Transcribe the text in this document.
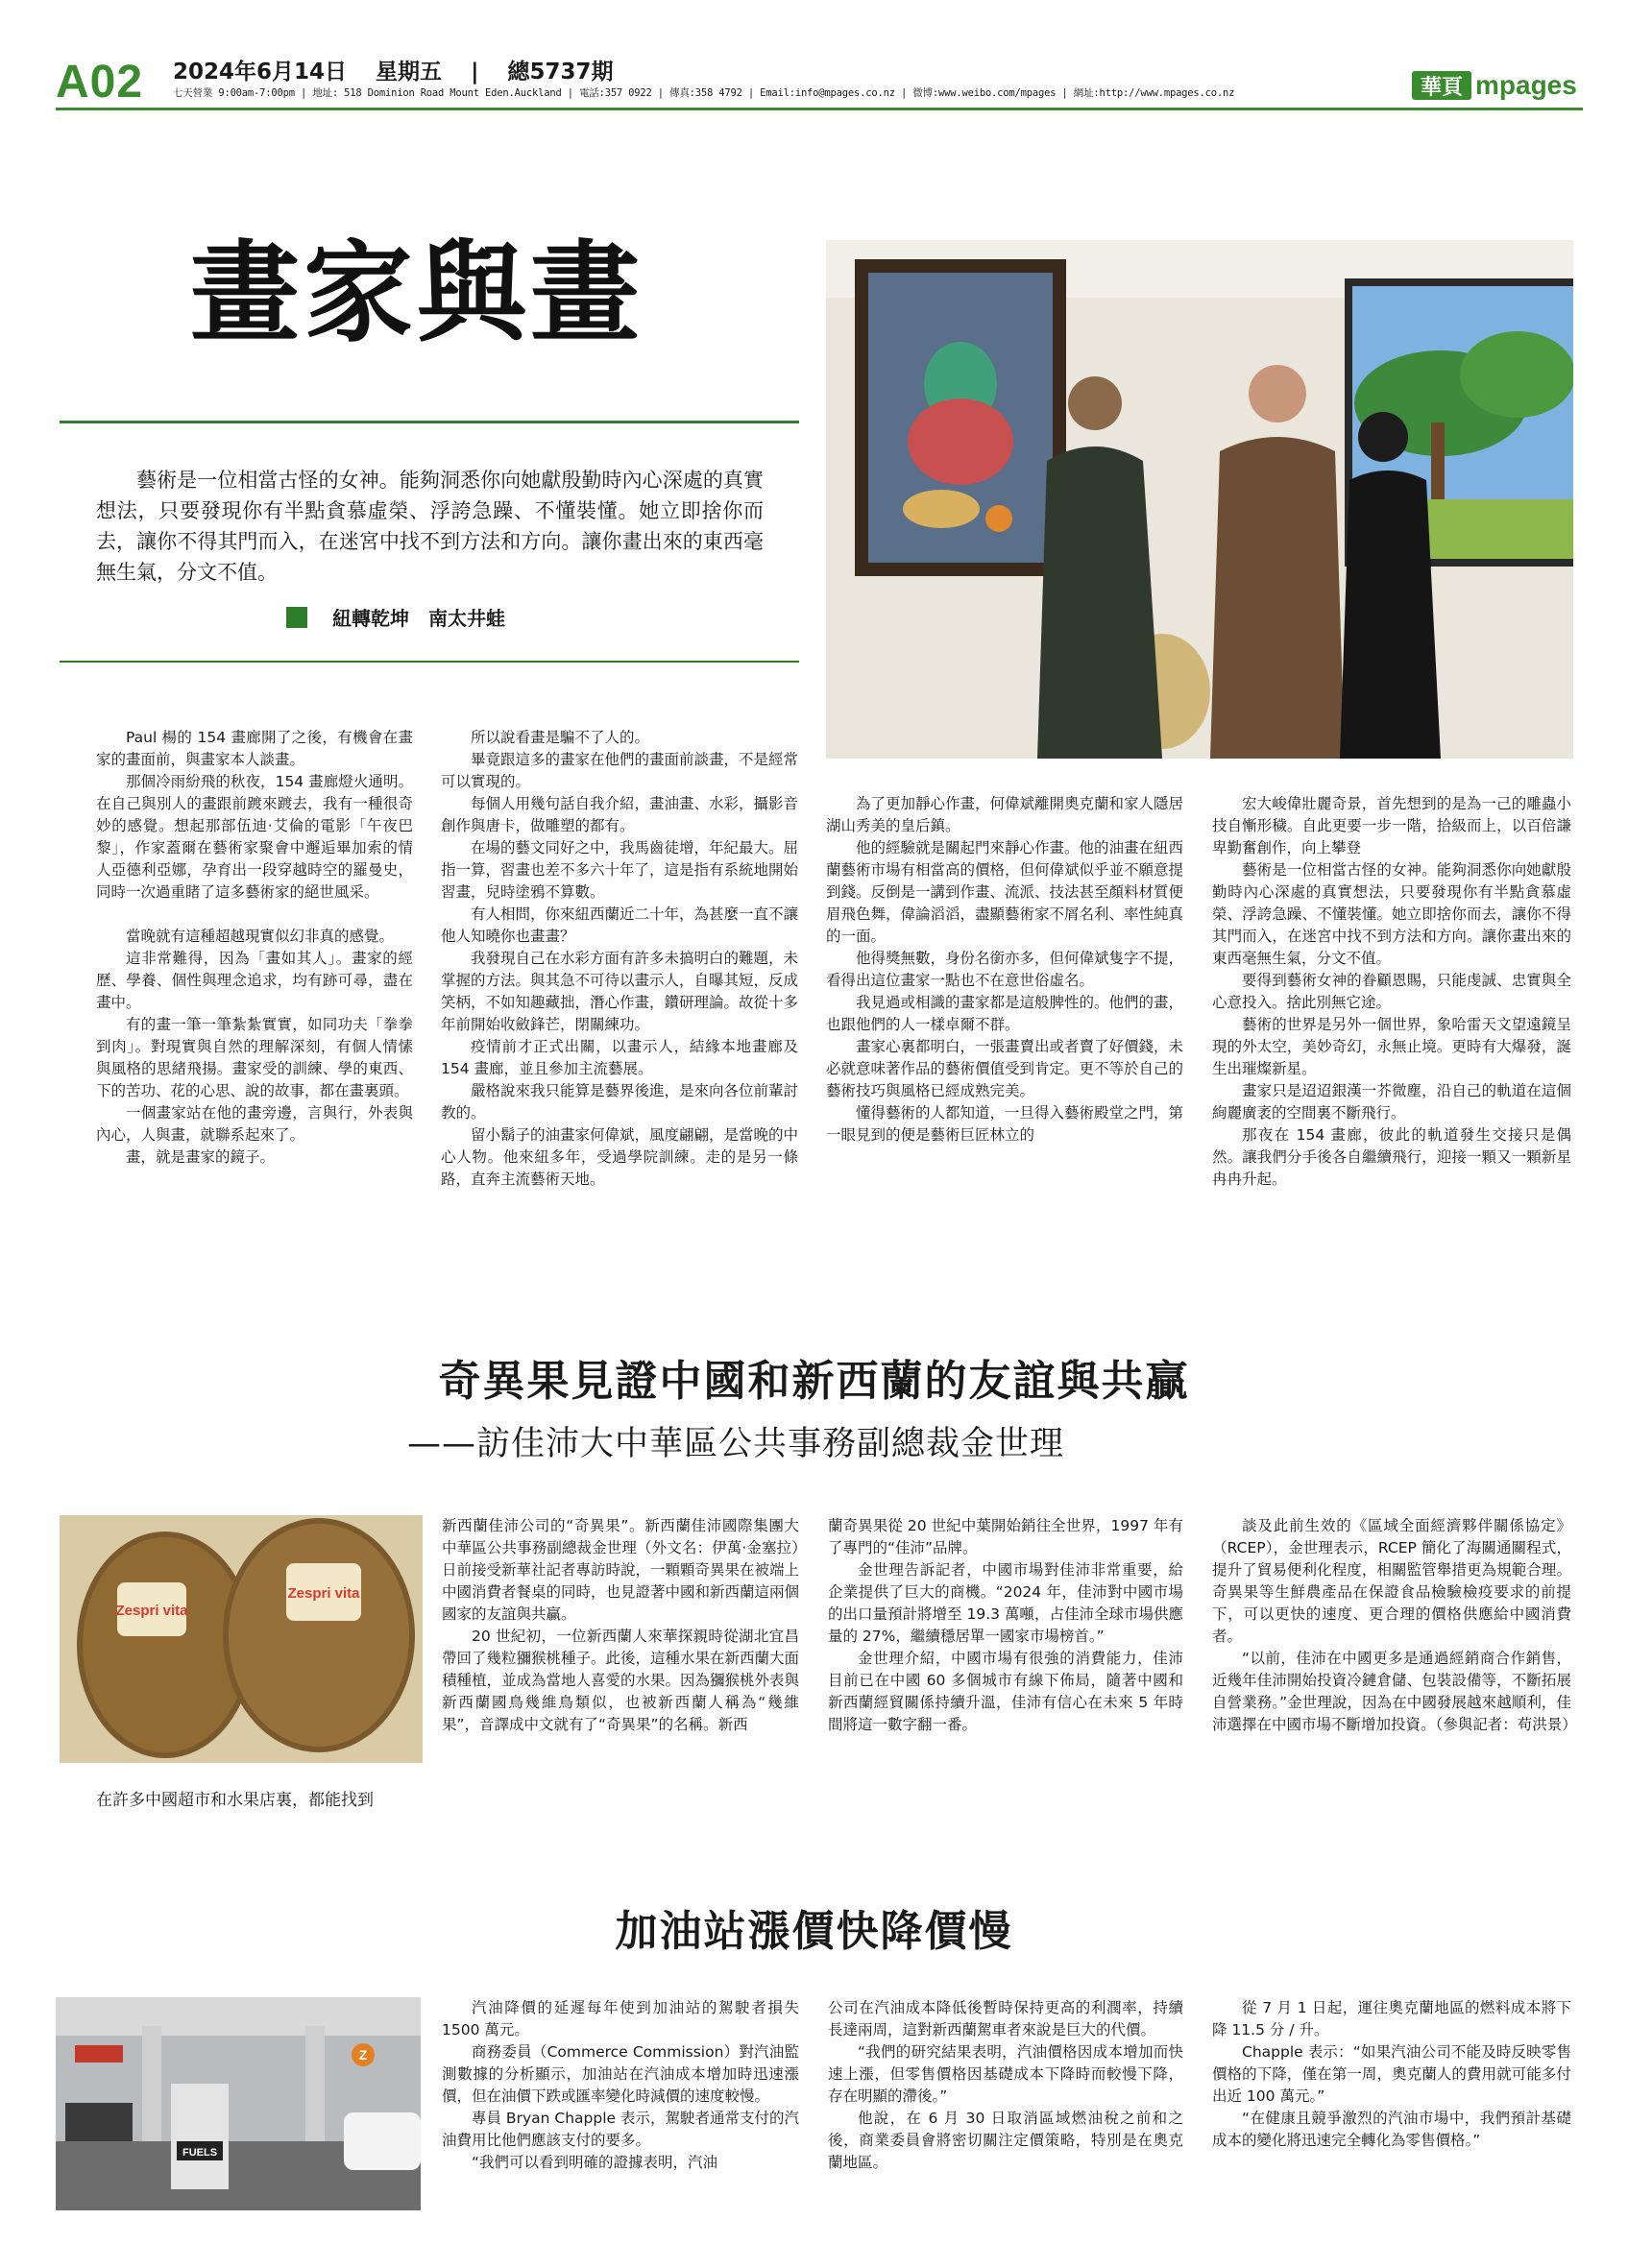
A02 2024年6月14日 星期五 | 總5737期
七天營業 9:00am-7:00pm | 地址: 518 Dominion Road Mount Eden.Auckland | 電話:357 0922 | 傳真:358 4792 | Email:info@mpages.co.nz | 微博:www.weibo.com/mpages | 網址:http://www.mpages.co.nz	華頁 mpages
畫家與畫

藝術是一位相當古怪的女神。能夠洞悉你向她獻殷勤時內心深處的真實想法，只要發現你有半點貪慕虛榮、浮誇急躁、不懂裝懂。她立即捨你而去，讓你不得其門而入，在迷宮中找不到方法和方向。讓你畫出來的東西毫無生氣，分文不值。

紐轉乾坤 南太井蛙

Paul 楊的 154 畫廊開了之後，有機會在畫家的畫面前，與畫家本人談畫。

那個冷雨紛飛的秋夜，154 畫廊燈火通明。在自己與別人的畫跟前踱來踱去，我有一種很奇妙的感覺。想起那部伍迪·艾倫的電影「午夜巴黎」，作家蓋爾在藝術家聚會中邂逅畢加索的情人亞德利亞娜，孕育出一段穿越時空的羅曼史，同時一次過重睹了這多藝術家的絕世風采。

當晚就有這種超越現實似幻非真的感覺。

這非常難得，因為「畫如其人」。畫家的經歷、學養、個性與理念追求，均有跡可尋，盡在畫中。

有的畫一筆一筆紮紮實實，如同功夫「拳拳到肉」。對現實與自然的理解深刻，有個人情愫與風格的思緒飛揚。畫家受的訓練、學的東西、下的苦功、花的心思、說的故事，都在畫裏頭。

一個畫家站在他的畫旁邊，言與行，外表與內心，人與畫，就聯系起來了。

畫，就是畫家的鏡子。

所以說看畫是騙不了人的。

畢竟跟這多的畫家在他們的畫面前談畫，不是經常可以實現的。

每個人用幾句話自我介紹，畫油畫、水彩，攝影音創作與唐卡，做雕塑的都有。

在場的藝文同好之中，我馬齒徒增，年紀最大。屈指一算，習畫也差不多六十年了，這是指有系統地開始習畫，兒時塗鴉不算數。

有人相問，你來紐西蘭近二十年，為甚麼一直不讓他人知曉你也畫畫？

我發現自己在水彩方面有許多未搞明白的難題，未掌握的方法。與其急不可待以畫示人，自曝其短，反成笑柄，不如知趣藏拙，潛心作畫，鑽研理論。故從十多年前開始收斂鋒芒，閉關練功。

疫情前才正式出關，以畫示人，結緣本地畫廊及 154 畫廊，並且參加主流藝展。

嚴格說來我只能算是藝界後進，是來向各位前輩討教的。

留小鬍子的油畫家何偉斌，風度翩翩，是當晚的中心人物。他來紐多年，受過學院訓練。走的是另一條路，直奔主流藝術天地。

為了更加靜心作畫，何偉斌離開奧克蘭和家人隱居湖山秀美的皇后鎮。

他的經驗就是關起門來靜心作畫。他的油畫在紐西蘭藝術市場有相當高的價格，但何偉斌似乎並不願意提到錢。反倒是一講到作畫、流派、技法甚至顏料材質便眉飛色舞，偉論滔滔，盡顯藝術家不屑名利、率性純真的一面。

他得獎無數，身份名銜亦多，但何偉斌隻字不提，看得出這位畫家一點也不在意世俗虛名。

我見過或相識的畫家都是這般脾性的。他們的畫，也跟他們的人一樣卓爾不群。

畫家心裏都明白，一張畫賣出或者賣了好價錢，未必就意味著作品的藝術價值受到肯定。更不等於自己的藝術技巧與風格已經成熟完美。

懂得藝術的人都知道，一旦得入藝術殿堂之門，第一眼見到的便是藝術巨匠林立的

宏大峻偉壯麗奇景，首先想到的是為一己的雕蟲小技自慚形穢。自此更要一步一階，拾級而上，以百倍謙卑勤奮創作，向上攀登

藝術是一位相當古怪的女神。能夠洞悉你向她獻殷勤時內心深處的真實想法，只要發現你有半點貪慕虛榮、浮誇急躁、不懂裝懂。她立即捨你而去，讓你不得其門而入，在迷宮中找不到方法和方向。讓你畫出來的東西毫無生氣，分文不值。

要得到藝術女神的眷顧恩賜，只能虔誠、忠實與全心意投入。捨此別無它途。

藝術的世界是另外一個世界，象哈雷天文望遠鏡呈現的外太空，美妙奇幻，永無止境。更時有大爆發，誕生出璀燦新星。

畫家只是迢迢銀漢一芥微塵，沿自己的軌道在這個絢麗廣袤的空間裏不斷飛行。

那夜在 154 畫廊，彼此的軌道發生交接只是偶然。讓我們分手後各自繼續飛行，迎接一顆又一顆新星冉冉升起。

奇異果見證中國和新西蘭的友誼與共贏
——訪佳沛大中華區公共事務副總裁金世理
Zespri vita
Zespri vita
在許多中國超市和水果店裏，都能找到

新西蘭佳沛公司的“奇異果”。新西蘭佳沛國際集團大中華區公共事務副總裁金世理（外文名：伊萬·金塞拉）日前接受新華社記者專訪時說，一顆顆奇異果在被端上中國消費者餐桌的同時，也見證著中國和新西蘭這兩個國家的友誼與共贏。

20 世紀初，一位新西蘭人來華探親時從湖北宜昌帶回了幾粒獼猴桃種子。此後，這種水果在新西蘭大面積種植，並成為當地人喜愛的水果。因為獼猴桃外表與新西蘭國鳥幾維鳥類似，也被新西蘭人稱為“幾維果”，音譯成中文就有了“奇異果”的名稱。新西

蘭奇異果從 20 世紀中葉開始銷往全世界，1997 年有了專門的“佳沛”品牌。

金世理告訴記者，中國市場對佳沛非常重要，給企業提供了巨大的商機。“2024 年，佳沛對中國市場的出口量預計將增至 19.3 萬噸，占佳沛全球市場供應量的 27%，繼續穩居單一國家市場榜首。”

金世理介紹，中國市場有很強的消費能力，佳沛目前已在中國 60 多個城市有線下佈局，隨著中國和新西蘭經貿關係持續升溫，佳沛有信心在未來 5 年時間將這一數字翻一番。

談及此前生效的《區域全面經濟夥伴關係協定》（RCEP），金世理表示，RCEP 簡化了海關通關程式，提升了貿易便利化程度，相關監管舉措更為規範合理。奇異果等生鮮農產品在保證食品檢驗檢疫要求的前提下，可以更快的速度、更合理的價格供應給中國消費者。

“以前，佳沛在中國更多是通過經銷商合作銷售，近幾年佳沛開始投資冷鏈倉儲、包裝設備等，不斷拓展自營業務。”金世理說，因為在中國發展越來越順利，佳沛選擇在中國市場不斷增加投資。（參與記者：苟洪景）

加油站漲價快降價慢
FUELS
Z

汽油降價的延遲每年使到加油站的駕駛者損失 1500 萬元。

商務委員（Commerce Commission）對汽油監測數據的分析顯示，加油站在汽油成本增加時迅速漲價，但在油價下跌或匯率變化時減價的速度較慢。

專員 Bryan Chapple 表示，駕駛者通常支付的汽油費用比他們應該支付的要多。

“我們可以看到明確的證據表明，汽油

公司在汽油成本降低後暫時保持更高的利潤率，持續長達兩周，這對新西蘭駕車者來說是巨大的代價。

“我們的研究結果表明，汽油價格因成本增加而快速上漲，但零售價格因基礎成本下降時而較慢下降，存在明顯的滯後。”

他說，在 6 月 30 日取消區域燃油稅之前和之後，商業委員會將密切關注定價策略，特別是在奧克蘭地區。

從 7 月 1 日起，運往奧克蘭地區的燃料成本將下降 11.5 分 / 升。

Chapple 表示：“如果汽油公司不能及時反映零售價格的下降，僅在第一周，奧克蘭人的費用就可能多付出近 100 萬元。”

“在健康且競爭激烈的汽油市場中，我們預計基礎成本的變化將迅速完全轉化為零售價格。”
